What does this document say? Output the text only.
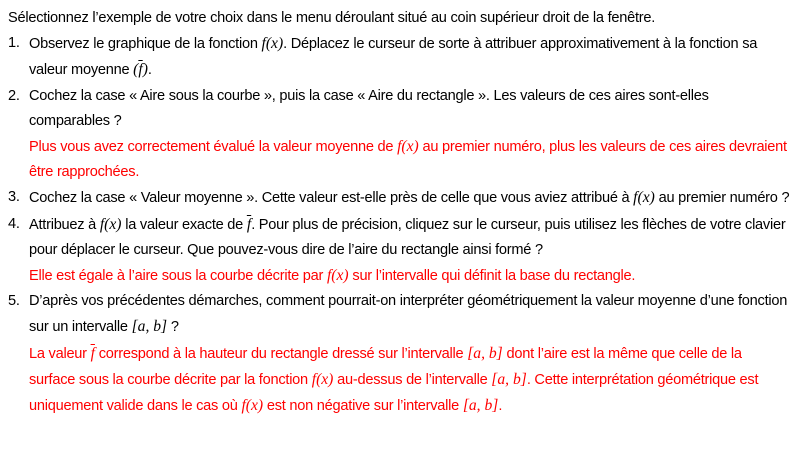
Sélectionnez l’exemple de votre choix dans le menu déroulant situé au coin supérieur droit de la fenêtre.

1. Observez le graphique de la fonction f(x). Déplacez le curseur de sorte à attribuer approximativement à la fonction sa valeur moyenne $(\overline{f})$.

2. Cochez la case « Aire sous la courbe », puis la case « Aire du rectangle ». Les valeurs de ces aires sont-elles comparables ?

Plus vous avez correctement évalué la valeur moyenne de f(x) au premier numéro, plus les valeurs de ces aires devraient être rapprochées.

3. Cochez la case « Valeur moyenne ». Cette valeur est-elle près de celle que vous aviez attribué à f(x) au premier numéro ?

4. Attribuez à f(x) la valeur exacte de $\overline{f}$. Pour plus de précision, cliquez sur le curseur, puis utilisez les flèches de votre clavier pour déplacer le curseur. Que pouvez-vous dire de l’aire du rectangle ainsi formé ?

Elle est égale à l’aire sous la courbe décrite par f(x) sur l’intervalle qui définit la base du rectangle.

5. D’après vos précédentes démarches, comment pourrait-on interpréter géométriquement la valeur moyenne d’une fonction sur un intervalle [a, b] ?

La valeur $\overline{f}$ correspond à la hauteur du rectangle dressé sur l’intervalle [a, b] dont l’aire est la même que celle de la surface sous la courbe décrite par la fonction f(x) au-dessus de l’intervalle [a, b]. Cette interprétation géométrique est uniquement valide dans le cas où f(x) est non négative sur l’intervalle [a, b].
